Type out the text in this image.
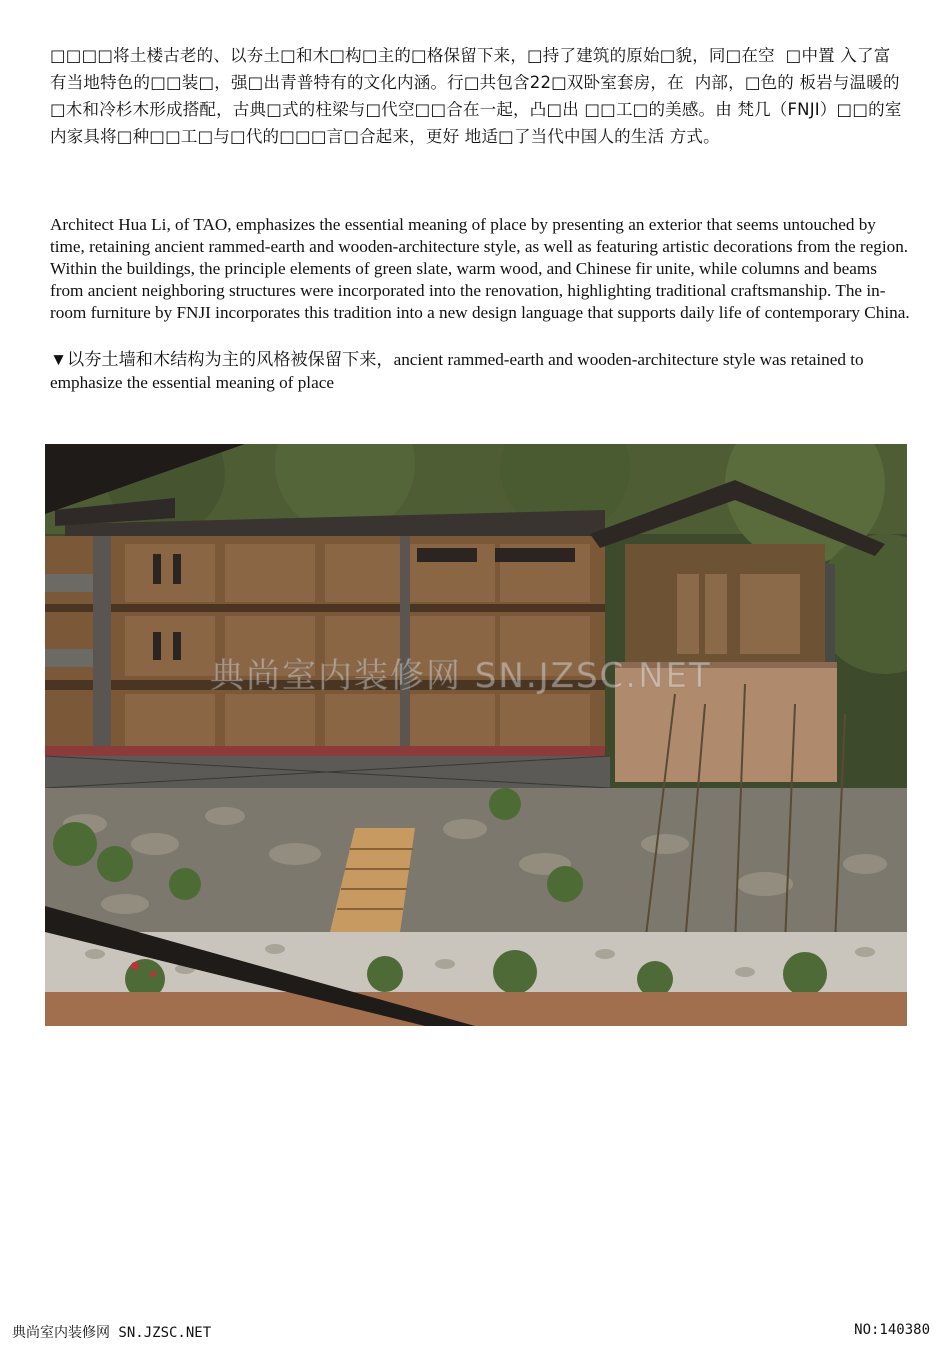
□□□□将土楼古老的、以夯土□和木□构□主的□格保留下来，□持了建筑的原始□貌，同□在空  □中置 入了富有当地特色的□□装□，强□出青普特有的文化内涵。行□共包含22□双卧室套房，在  内部，□色的 板岩与温暖的□木和冷杉木形成搭配，古典□式的柱梁与□代空□□合在一起，凸□出 □□工□的美感。由 梵几（FNJI）□□的室内家具将□种□□工□与□代的□□□言□合起来，更好 地适□了当代中国人的生活 方式。
Architect Hua Li, of TAO, emphasizes the essential meaning of place by presenting an exterior that seems untouched by time, retaining ancient rammed-earth and wooden-architecture style, as well as featuring artistic decorations from the region. Within the buildings, the principle elements of green slate, warm wood, and Chinese fir unite, while columns and beams from ancient neighboring structures were incorporated into the renovation, highlighting traditional craftsmanship. The in-room furniture by FNJI incorporates this tradition into a new design language that supports daily life of contemporary China.
▼以夯土墙和木结构为主的风格被保留下来，ancient rammed-earth and wooden-architecture style was retained to emphasize the essential meaning of place
典尚室内装修网 SN.JZSC.NET
典尚室内装修网 SN.JZSC.NET	NO:140380
